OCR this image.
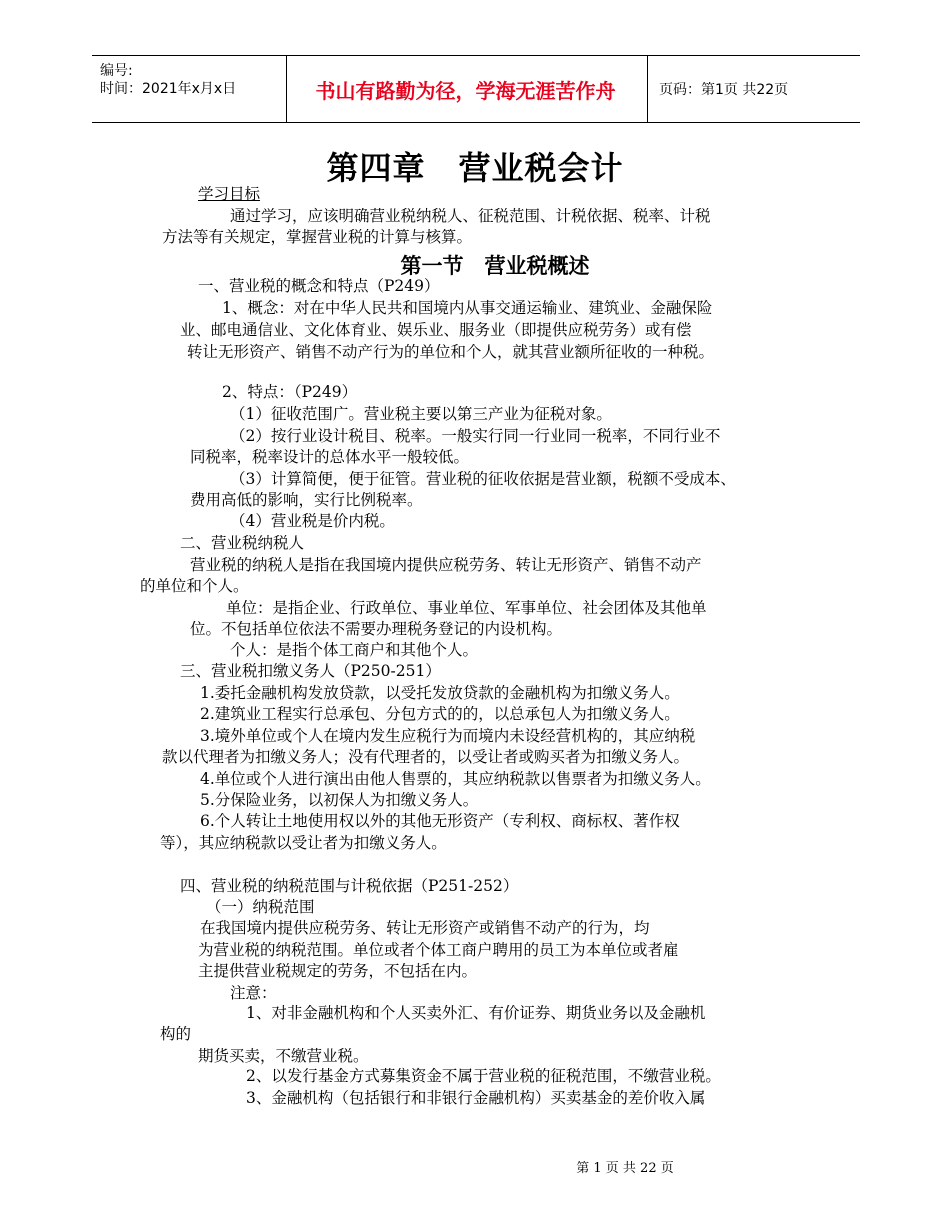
编号:
时间：2021年x月x日	书山有路勤为径，学海无涯苦作舟	页码：第1页 共22页
第四章　营业税会计
学习目标
通过学习，应该明确营业税纳税人、征税范围、计税依据、税率、计税
方法等有关规定，掌握营业税的计算与核算。
第一节　营业税概述
一、营业税的概念和特点（P249）
1、概念：对在中华人民共和国境内从事交通运输业、建筑业、金融保险
业、邮电通信业、文化体育业、娱乐业、服务业（即提供应税劳务）或有偿
转让无形资产、销售不动产行为的单位和个人，就其营业额所征收的一种税。
2、特点：（P249）
（1）征收范围广。营业税主要以第三产业为征税对象。
（2）按行业设计税目、税率。一般实行同一行业同一税率，不同行业不
同税率，税率设计的总体水平一般较低。
（3）计算简便，便于征管。营业税的征收依据是营业额，税额不受成本、
费用高低的影响，实行比例税率。
（4）营业税是价内税。
二、营业税纳税人
营业税的纳税人是指在我国境内提供应税劳务、转让无形资产、销售不动产
的单位和个人。
单位：是指企业、行政单位、事业单位、军事单位、社会团体及其他单
位。不包括单位依法不需要办理税务登记的内设机构。
个人：是指个体工商户和其他个人。
三、营业税扣缴义务人（P250-251）
1.委托金融机构发放贷款，以受托发放贷款的金融机构为扣缴义务人。
2.建筑业工程实行总承包、分包方式的的，以总承包人为扣缴义务人。
3.境外单位或个人在境内发生应税行为而境内未设经营机构的，其应纳税
款以代理者为扣缴义务人；没有代理者的，以受让者或购买者为扣缴义务人。
4.单位或个人进行演出由他人售票的，其应纳税款以售票者为扣缴义务人。
5.分保险业务，以初保人为扣缴义务人。
6.个人转让土地使用权以外的其他无形资产（专利权、商标权、著作权
等），其应纳税款以受让者为扣缴义务人。
四、营业税的纳税范围与计税依据（P251-252）
（一）纳税范围
在我国境内提供应税劳务、转让无形资产或销售不动产的行为，均
为营业税的纳税范围。单位或者个体工商户聘用的员工为本单位或者雇
主提供营业税规定的劳务，不包括在内。
注意：
1、对非金融机构和个人买卖外汇、有价证券、期货业务以及金融机
构的
期货买卖，不缴营业税。
2、以发行基金方式募集资金不属于营业税的征税范围，不缴营业税。
3、金融机构（包括银行和非银行金融机构）买卖基金的差价收入属
第 1 页 共 22 页
